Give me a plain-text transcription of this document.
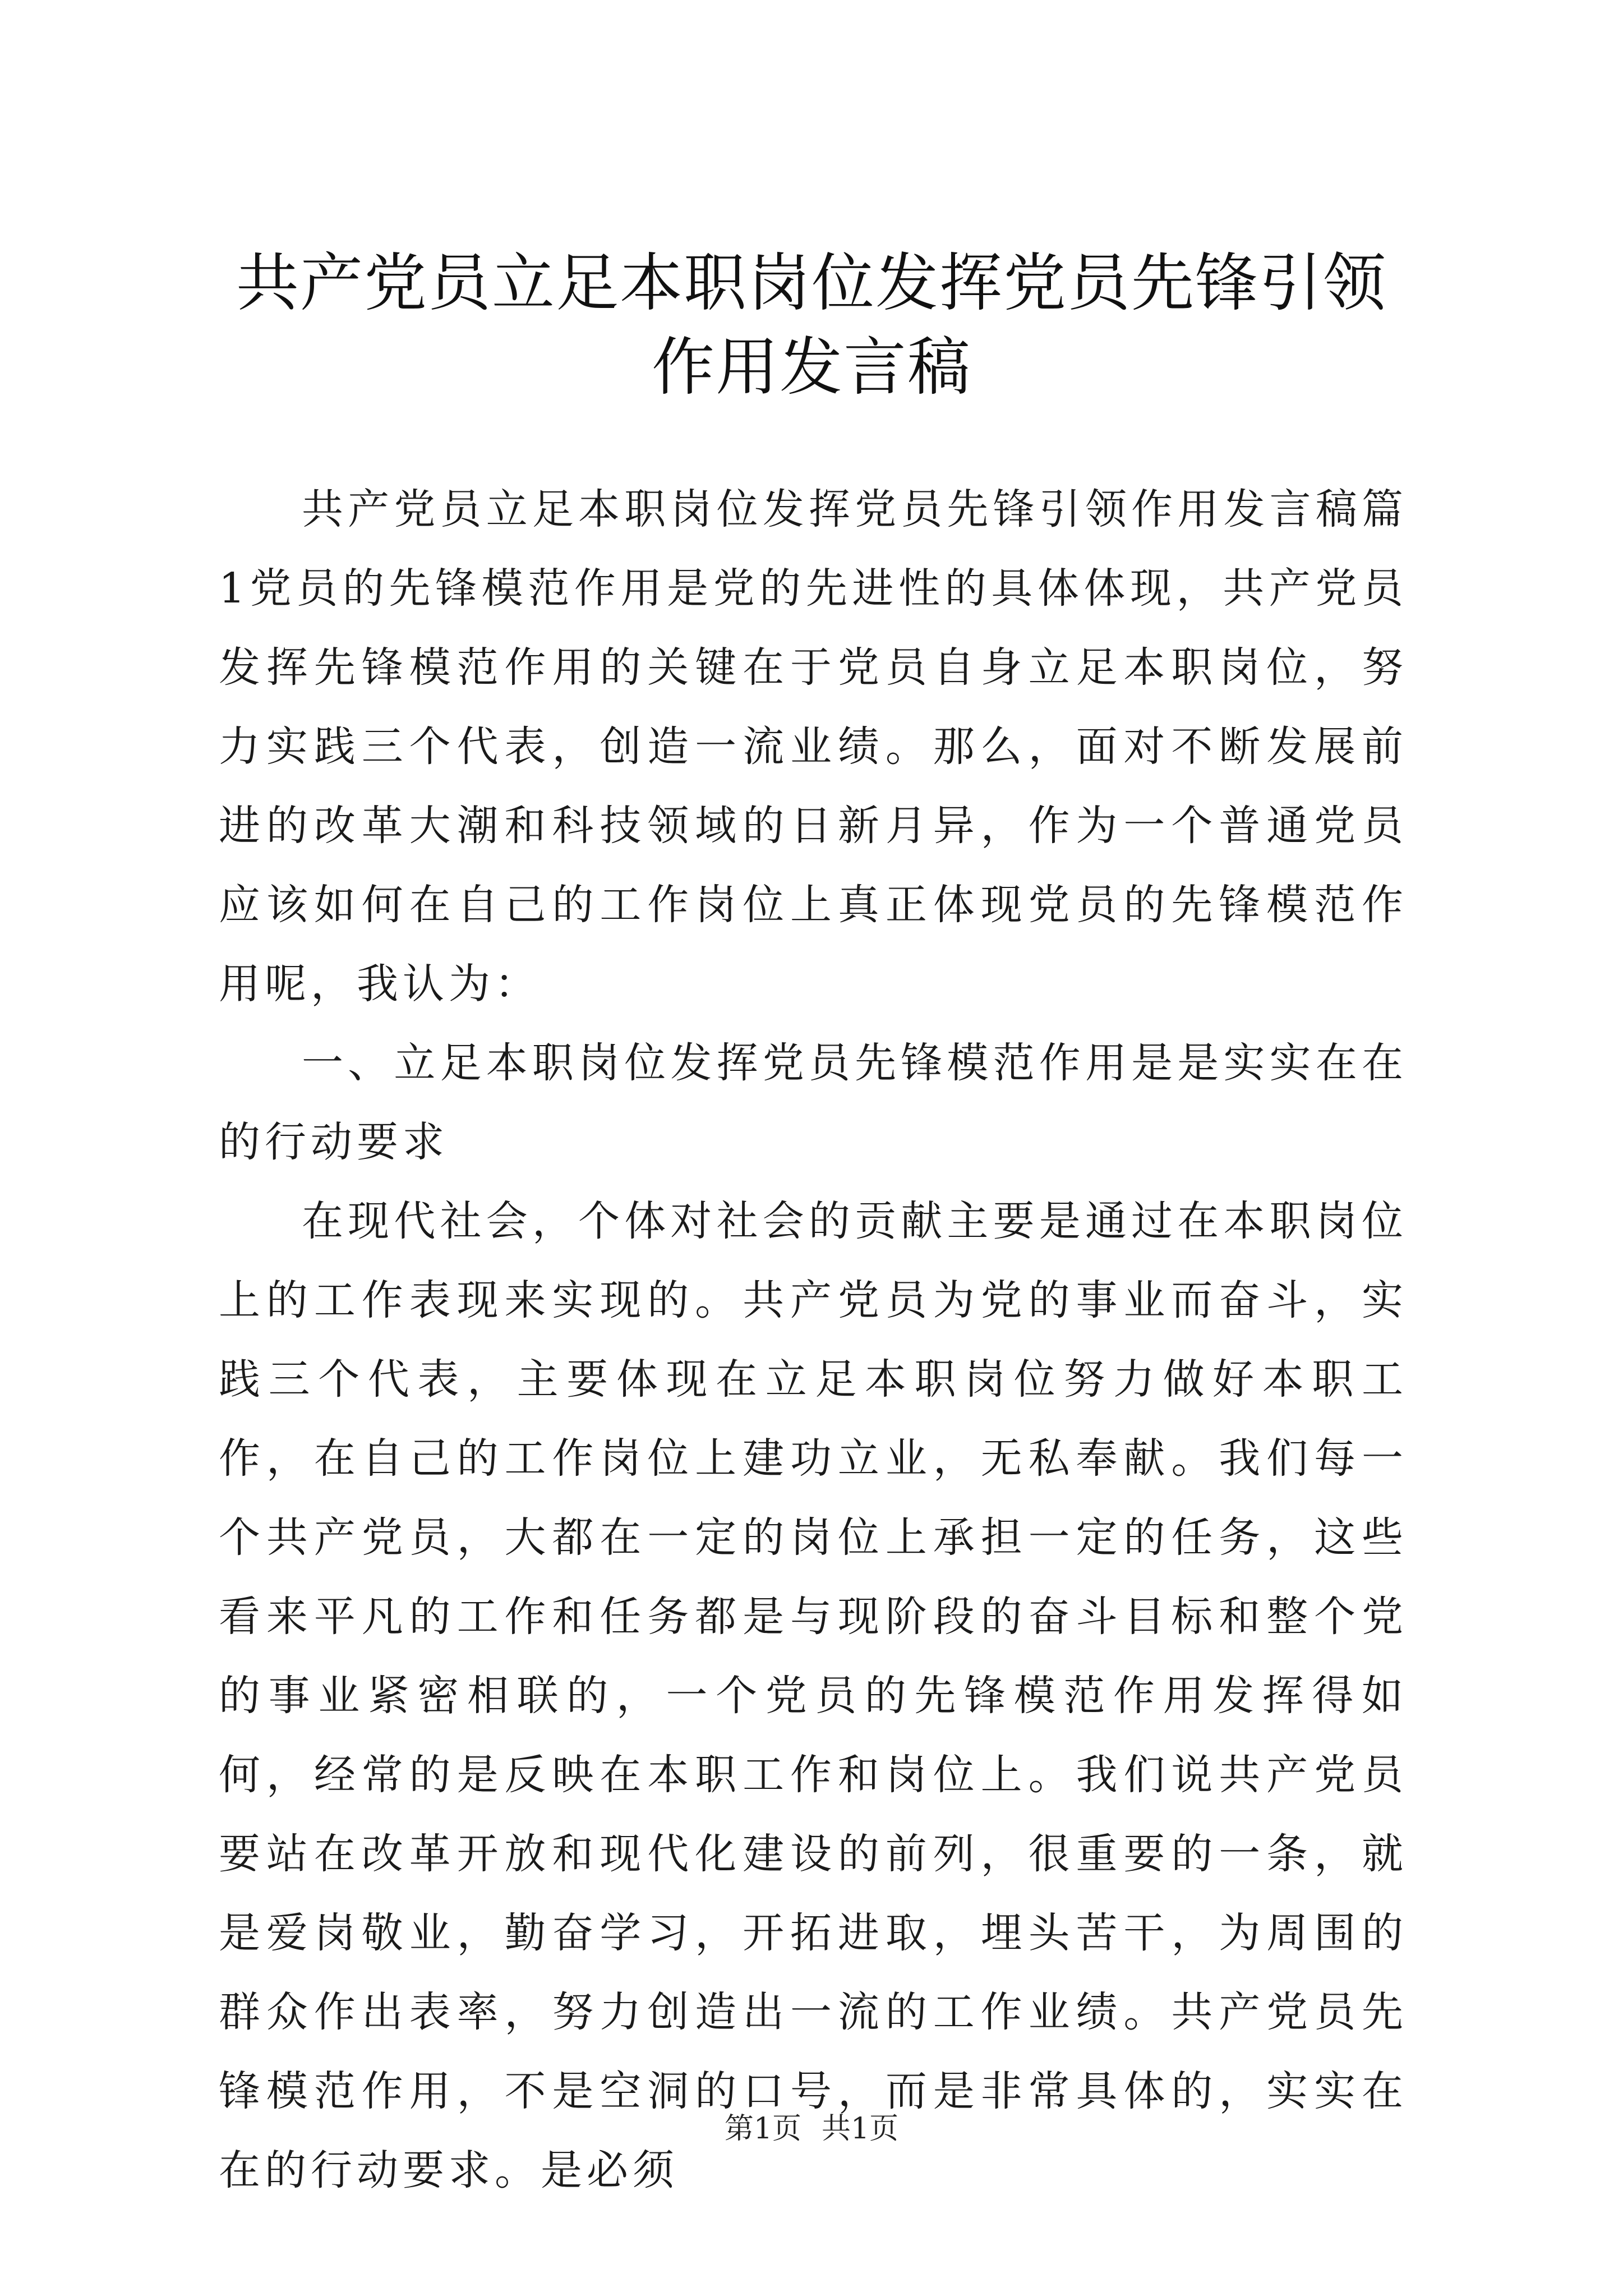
共产党员立足本职岗位发挥党员先锋引领作用发言稿

共产党员立足本职岗位发挥党员先锋引领作用发言稿篇1党员的先锋模范作用是党的先进性的具体体现，共产党员发挥先锋模范作用的关键在于党员自身立足本职岗位，努力实践三个代表，创造一流业绩。那么，面对不断发展前进的改革大潮和科技领域的日新月异，作为一个普通党员应该如何在自己的工作岗位上真正体现党员的先锋模范作用呢，我认为：

一、立足本职岗位发挥党员先锋模范作用是是实实在在的行动要求

在现代社会，个体对社会的贡献主要是通过在本职岗位上的工作表现来实现的。共产党员为党的事业而奋斗，实践三个代表，主要体现在立足本职岗位努力做好本职工作，在自己的工作岗位上建功立业，无私奉献。我们每一个共产党员，大都在一定的岗位上承担一定的任务，这些看来平凡的工作和任务都是与现阶段的奋斗目标和整个党的事业紧密相联的，一个党员的先锋模范作用发挥得如何，经常的是反映在本职工作和岗位上。我们说共产党员要站在改革开放和现代化建设的前列，很重要的一条，就是爱岗敬业，勤奋学习，开拓进取，埋头苦干，为周围的群众作出表率，努力创造出一流的工作业绩。共产党员先锋模范作用，不是空洞的口号，而是非常具体的，实实在在的行动要求。是必须

第1页 共1页
